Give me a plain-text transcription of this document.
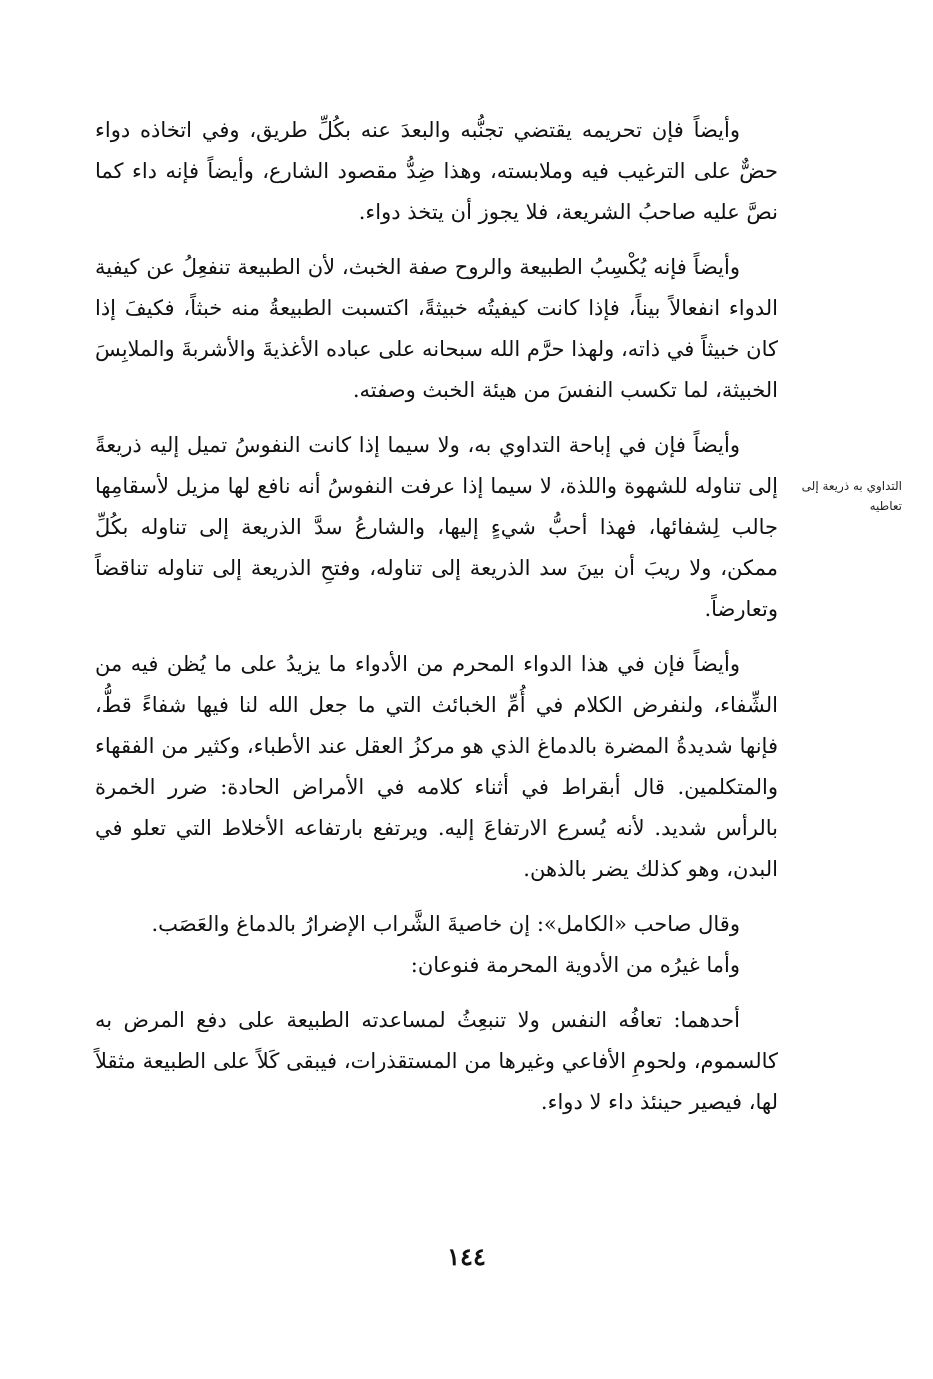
التداوي به ذريعة إلى تعاطيه

وأيضاً فإن تحريمه يقتضي تجنُّبه والبعدَ عنه بكُلِّ طريق، وفي اتخاذه دواء حضٌّ على الترغيب فيه وملابسته، وهذا ضِدُّ مقصود الشارع، وأيضاً فإنه داء كما نصَّ عليه صاحبُ الشريعة، فلا يجوز أن يتخذ دواء.

وأيضاً فإنه يُكْسِبُ الطبيعة والروح صفة الخبث، لأن الطبيعة تنفعِلُ عن كيفية الدواء انفعالاً بيناً، فإذا كانت كيفيتُه خبيثةً، اكتسبت الطبيعةُ منه خبثاً، فكيفَ إذا كان خبيثاً في ذاته، ولهذا حرَّم الله سبحانه على عباده الأغذيةَ والأشربةَ والملابِسَ الخبيثة، لما تكسب النفسَ من هيئة الخبث وصفته.

وأيضاً فإن في إباحة التداوي به، ولا سيما إذا كانت النفوسُ تميل إليه ذريعةً إلى تناوله للشهوة واللذة، لا سيما إذا عرفت النفوسُ أنه نافع لها مزيل لأسقامِها جالب لِشفائها، فهذا أحبُّ شيءٍ إليها، والشارعُ سدَّ الذريعة إلى تناوله بكُلِّ ممكن، ولا ريبَ أن بينَ سد الذريعة إلى تناوله، وفتحِ الذريعة إلى تناوله تناقضاً وتعارضاً.

وأيضاً فإن في هذا الدواء المحرم من الأدواء ما يزيدُ على ما يُظن فيه من الشِّفاء، ولنفرض الكلام في أُمِّ الخبائث التي ما جعل الله لنا فيها شفاءً قطُّ، فإنها شديدةُ المضرة بالدماغ الذي هو مركزُ العقل عند الأطباء، وكثير من الفقهاء والمتكلمين. قال أبقراط في أثناء كلامه في الأمراض الحادة: ضرر الخمرة بالرأس شديد. لأنه يُسرع الارتفاعَ إليه. ويرتفع بارتفاعه الأخلاط التي تعلو في البدن، وهو كذلك يضر بالذهن.

وقال صاحب «الكامل»: إن خاصيةَ الشَّراب الإضرارُ بالدماغ والعَصَب.

وأما غيرُه من الأدوية المحرمة فنوعان:

أحدهما: تعافُه النفس ولا تنبعِثُ لمساعدته الطبيعة على دفع المرض به كالسموم، ولحومِ الأفاعي وغيرها من المستقذرات، فيبقى كَلاً على الطبيعة مثقلاً لها، فيصير حينئذ داء لا دواء.

١٤٤
